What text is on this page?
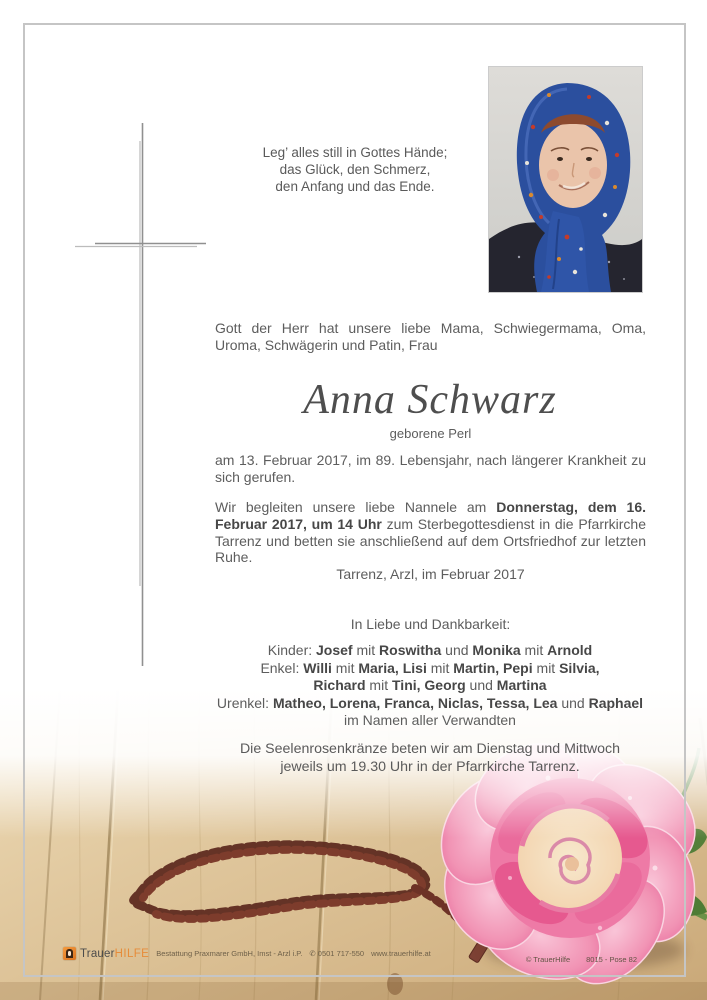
Leg’ alles still in Gottes Hände;
das Glück, den Schmerz,
den Anfang und das Ende.
Gott der Herr hat unsere liebe Mama, Schwiegermama, Oma, Uroma, Schwägerin und Patin, Frau
Anna Schwarz
geborene Perl
am 13. Februar 2017, im 89. Lebensjahr, nach längerer Krankheit zu sich gerufen.
Wir begleiten unsere liebe Nannele am Donnerstag, dem 16. Februar 2017, um 14 Uhr zum Sterbegottesdienst in die Pfarrkirche Tarrenz und betten sie anschließend auf dem Ortsfriedhof zur letzten Ruhe.
Tarrenz, Arzl, im Februar 2017
In Liebe und Dankbarkeit:
Kinder: Josef mit Roswitha und Monika mit Arnold
Enkel: Willi mit Maria, Lisi mit Martin, Pepi mit Silvia,
Richard mit Tini, Georg und Martina
Urenkel: Matheo, Lorena, Franca, Niclas, Tessa, Lea und Raphael
im Namen aller Verwandten
Die Seelenrosenkränze beten wir am Dienstag und Mittwoch
jeweils um 19.30 Uhr in der Pfarrkirche Tarrenz.
Trauer HILFE Bestattung Praxmarer GmbH, Imst - Arzl i.P. ✆ 0501 717-550 www.trauerhilfe.at
© TrauerHilfe 8015 - Pose 82
